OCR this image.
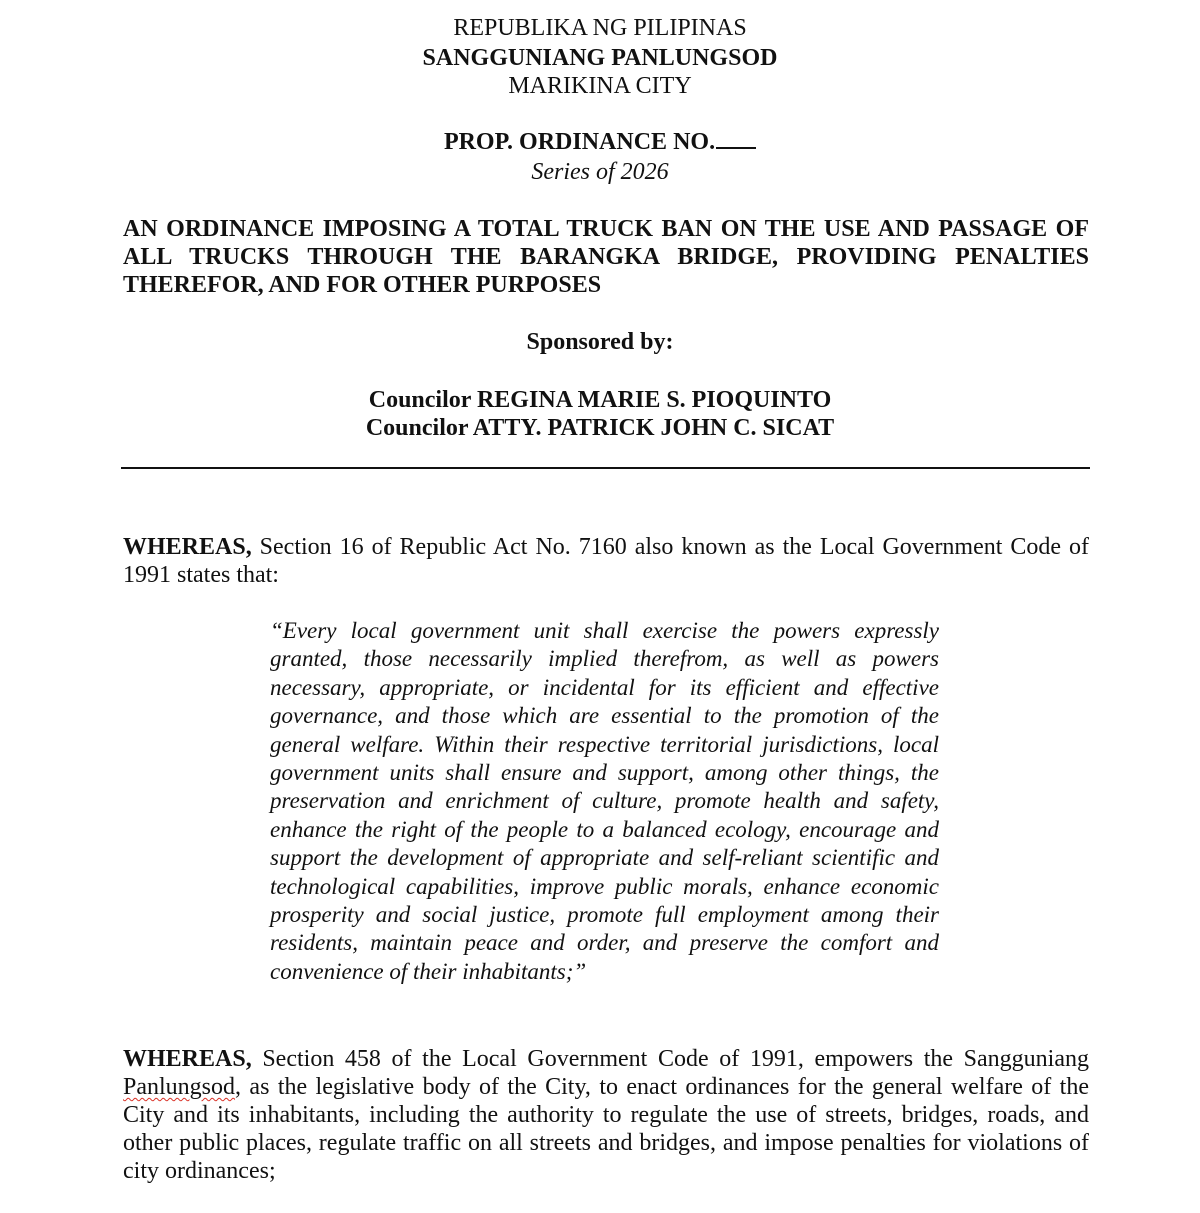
REPUBLIKA NG PILIPINAS
SANGGUNIANG PANLUNGSOD
MARIKINA CITY
PROP. ORDINANCE NO.
Series of 2026
AN ORDINANCE IMPOSING A TOTAL TRUCK BAN ON THE USE AND PASSAGE OF ALL TRUCKS THROUGH THE BARANGKA BRIDGE, PROVIDING PENALTIES THEREFOR, AND FOR OTHER PURPOSES
Sponsored by:
Councilor REGINA MARIE S. PIOQUINTO
Councilor ATTY. PATRICK JOHN C. SICAT
WHEREAS, Section 16 of Republic Act No. 7160 also known as the Local Government Code of 1991 states that:
“Every local government unit shall exercise the powers expressly granted, those necessarily implied therefrom, as well as powers necessary, appropriate, or incidental for its efficient and effective governance, and those which are essential to the promotion of the general welfare. Within their respective territorial jurisdictions, local government units shall ensure and support, among other things, the preservation and enrichment of culture, promote health and safety, enhance the right of the people to a balanced ecology, encourage and support the development of appropriate and self-reliant scientific and technological capabilities, improve public morals, enhance economic prosperity and social justice, promote full employment among their residents, maintain peace and order, and preserve the comfort and convenience of their inhabitants;”
WHEREAS, Section 458 of the Local Government Code of 1991, empowers the Sangguniang Panlungsod, as the legislative body of the City, to enact ordinances for the general welfare of the City and its inhabitants, including the authority to regulate the use of streets, bridges, roads, and other public places, regulate traffic on all streets and bridges, and impose penalties for violations of city ordinances;
